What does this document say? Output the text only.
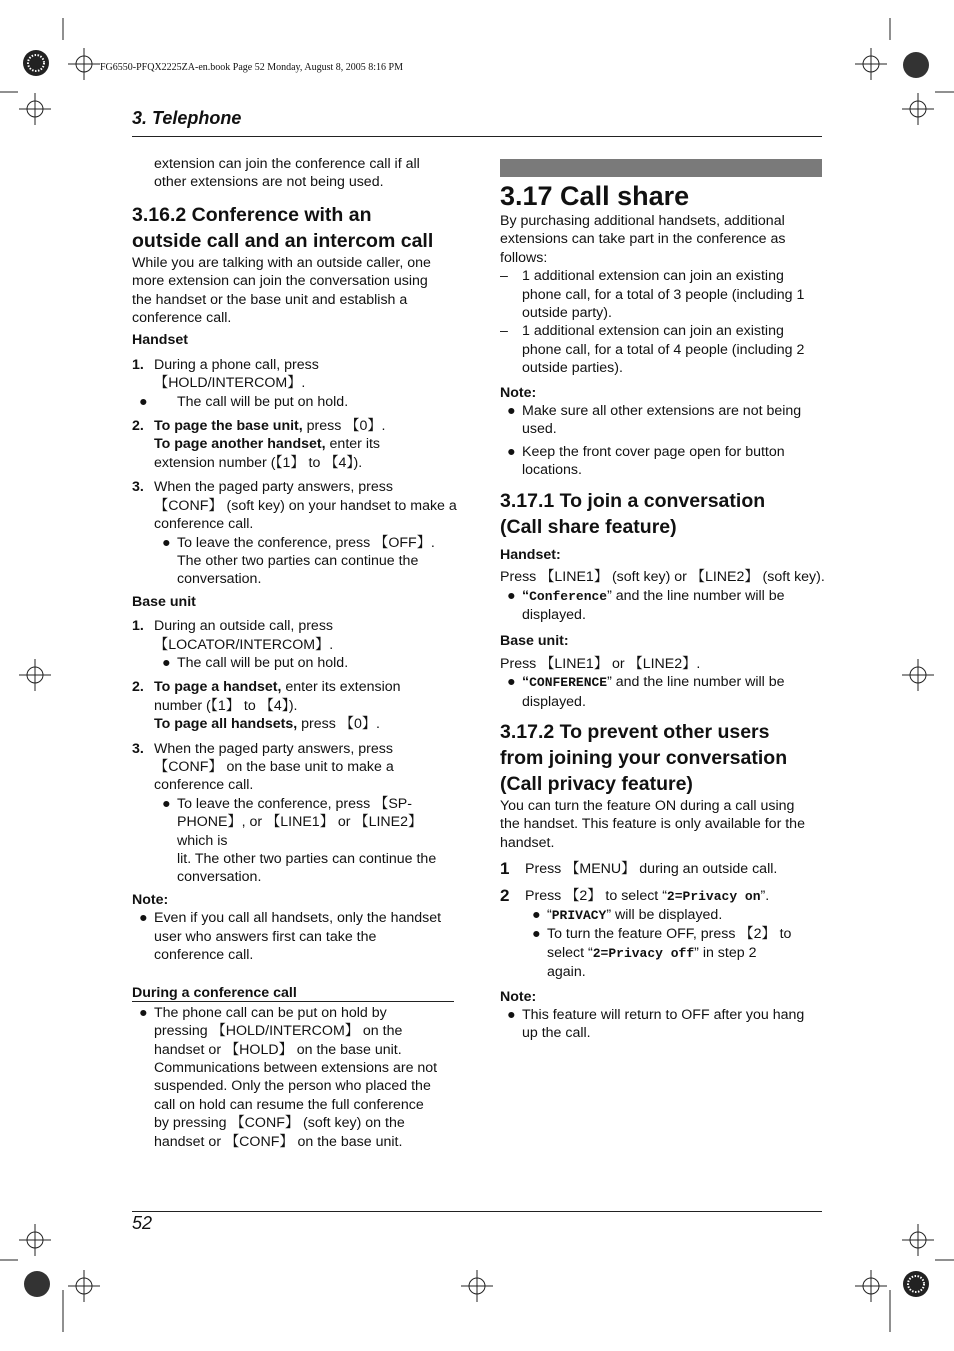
FG6550-PFQX2225ZA-en.book Page 52 Monday, August 8, 2005 8:16 PM
3. Telephone
52

extension can join the conference call if all

other extensions are not being used.

3.16.2 Conference with an
outside call and an intercom call

While you are talking with an outside caller, one

more extension can join the conversation using

the handset or the base unit and establish a

conference call.

Handset

1. During a phone call, press

【HOLD/INTERCOM】.

●	The call will be put on hold.

2. To page the base unit, press 【0】.

To page another handset, enter its

extension number (【1】 to 【4】).

3. When the paged party answers, press

【CONF】 (soft key) on your handset to make a

conference call.

● To leave the conference, press 【OFF】.

The other two parties can continue the

conversation.

Base unit

1. During an outside call, press

【LOCATOR/INTERCOM】.

● The call will be put on hold.

2. To page a handset, enter its extension

number (【1】 to 【4】).

To page all handsets, press 【0】.

3. When the paged party answers, press

【CONF】 on the base unit to make a

conference call.

● To leave the conference, press 【SP-

PHONE】, or 【LINE1】 or 【LINE2】 which is

lit. The other two parties can continue the

conversation.

Note:

● Even if you call all handsets, only the handset

user who answers first can take the

conference call.

During a conference call

● The phone call can be put on hold by

pressing 【HOLD/INTERCOM】 on the

handset or 【HOLD】 on the base unit.

Communications between extensions are not

suspended. Only the person who placed the

call on hold can resume the full conference

by pressing 【CONF】 (soft key) on the

handset or 【CONF】 on the base unit.

3.17 Call share

By purchasing additional handsets, additional

extensions can take part in the conference as

follows:

– 1 additional extension can join an existing

phone call, for a total of 3 people (including 1

outside party).

– 1 additional extension can join an existing

phone call, for a total of 4 people (including 2

outside parties).

Note:

● Make sure all other extensions are not being

used.

● Keep the front cover page open for button

locations.

3.17.1 To join a conversation
(Call share feature)

Handset:

Press 【LINE1】 (soft key) or 【LINE2】 (soft key).

● “Conference” and the line number will be

displayed.

Base unit:

Press 【LINE1】 or 【LINE2】.

● “CONFERENCE” and the line number will be

displayed.

3.17.2 To prevent other users
from joining your conversation
(Call privacy feature)

You can turn the feature ON during a call using

the handset. This feature is only available for the

handset.

1 Press 【MENU】 during an outside call.

2 Press 【2】 to select “2=Privacy on”.

● “PRIVACY” will be displayed.

● To turn the feature OFF, press 【2】 to

select “2=Privacy off” in step 2

again.

Note:

● This feature will return to OFF after you hang

up the call.
